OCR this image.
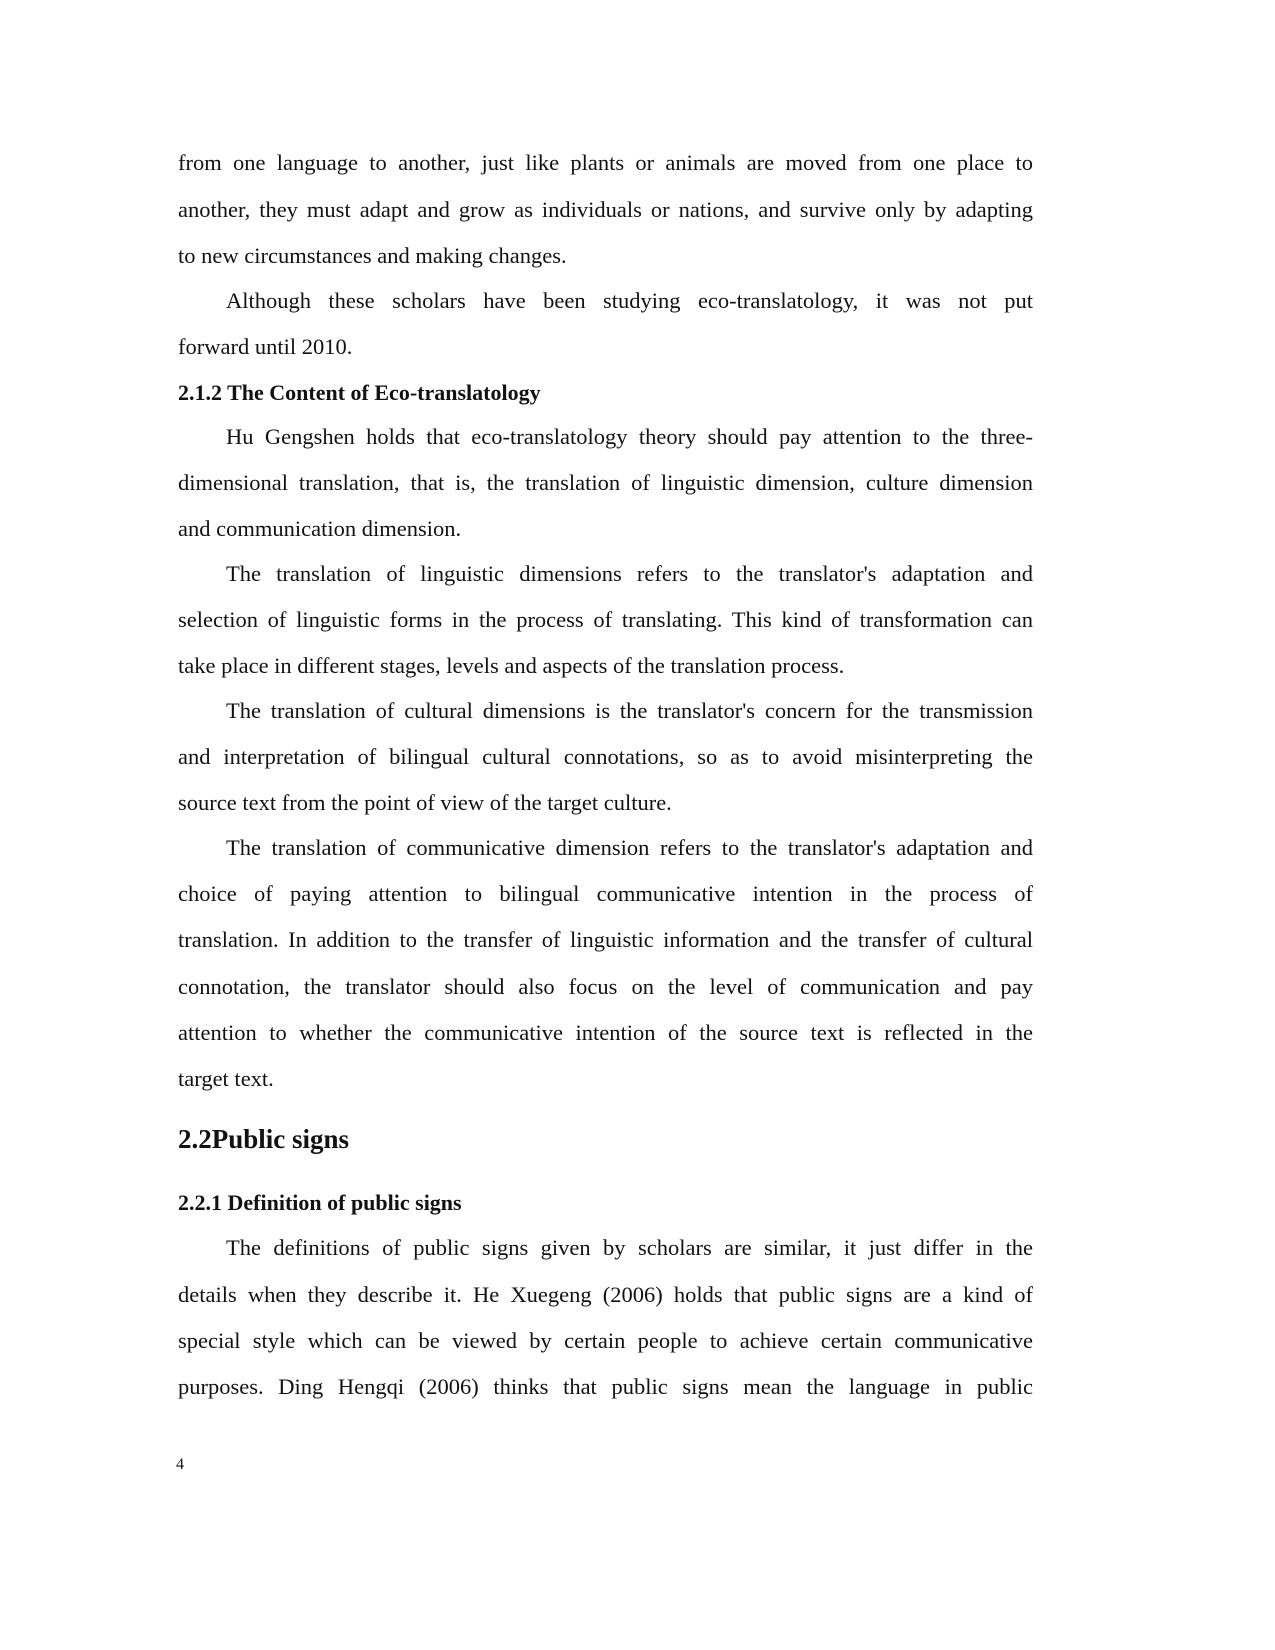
4
from one language to another, just like plants or animals are moved from one place to
another, they must adapt and grow as individuals or nations, and survive only by adapting
to new circumstances and making changes.
Although these scholars have been studying eco-translatology, it was not put
forward until 2010.
2.1.2 The Content of Eco-translatology
Hu Gengshen holds that eco-translatology theory should pay attention to the three-
dimensional translation, that is, the translation of linguistic dimension, culture dimension
and communication dimension.
The translation of linguistic dimensions refers to the translator's adaptation and
selection of linguistic forms in the process of translating. This kind of transformation can
take place in different stages, levels and aspects of the translation process.
The translation of cultural dimensions is the translator's concern for the transmission
and interpretation of bilingual cultural connotations, so as to avoid misinterpreting the
source text from the point of view of the target culture.
The translation of communicative dimension refers to the translator's adaptation and
choice of paying attention to bilingual communicative intention in the process of
translation. In addition to the transfer of linguistic information and the transfer of cultural
connotation, the translator should also focus on the level of communication and pay
attention to whether the communicative intention of the source text is reflected in the
target text.
2.2Public signs
2.2.1 Definition of public signs
The definitions of public signs given by scholars are similar, it just differ in the
details when they describe it. He Xuegeng (2006) holds that public signs are a kind of
special style which can be viewed by certain people to achieve certain communicative
purposes. Ding Hengqi (2006) thinks that public signs mean the language in public
